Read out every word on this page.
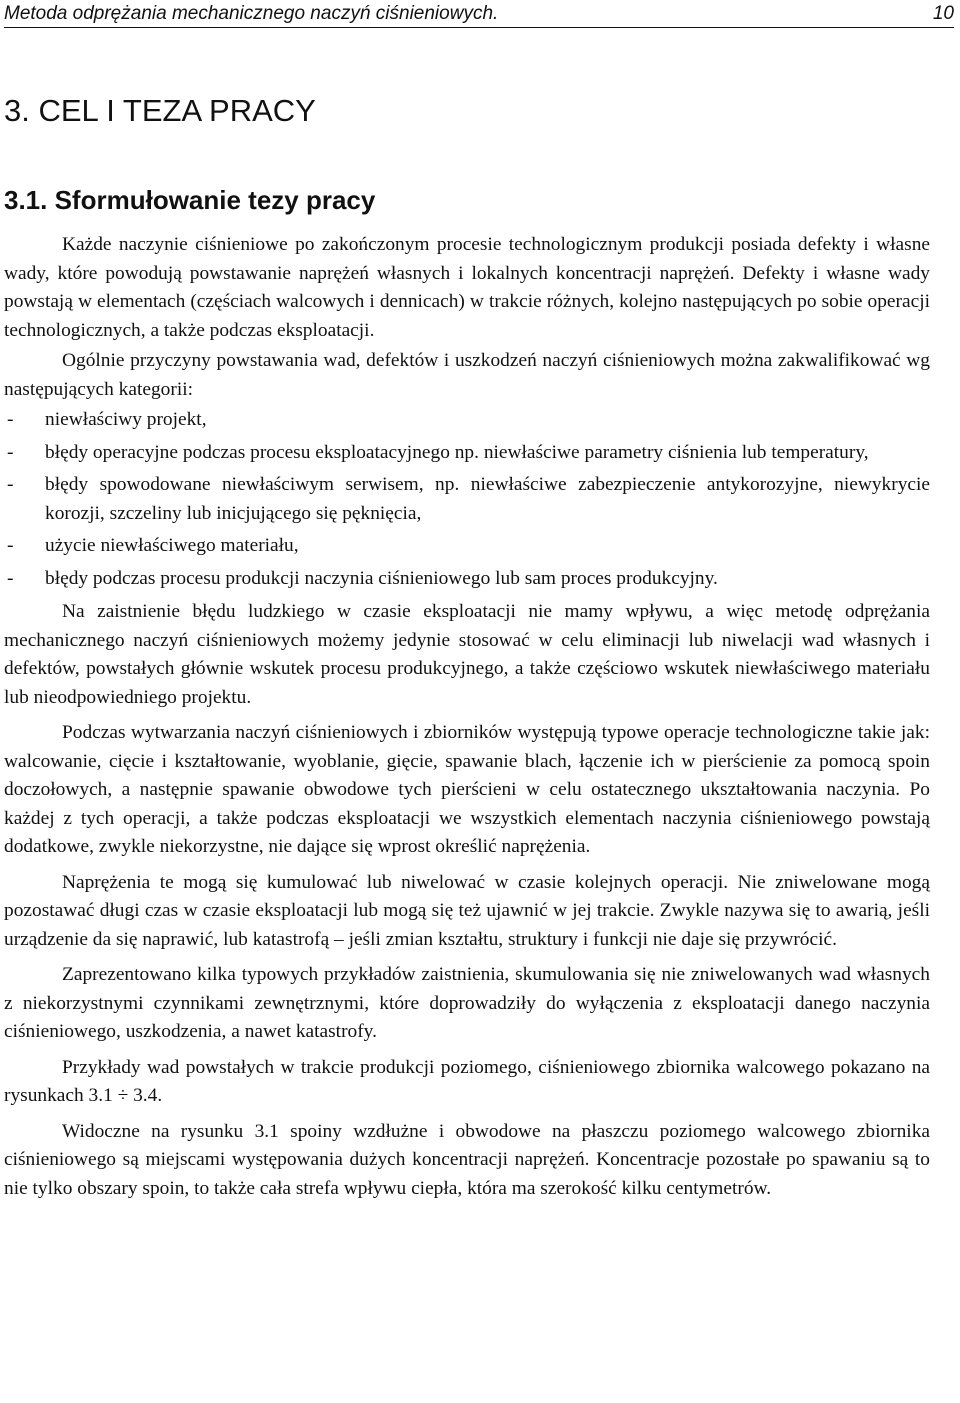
Metoda odprężania mechanicznego naczyń ciśnieniowych.	10
3. CEL I TEZA PRACY
3.1. Sformułowanie tezy pracy

Każde naczynie ciśnieniowe po zakończonym procesie technologicznym produkcji posiada defekty i własne wady, które powodują powstawanie naprężeń własnych i lokalnych koncentracji naprężeń. Defekty i własne wady powstają w elementach (częściach walcowych i dennicach) w trakcie różnych, kolejno następujących po sobie operacji technologicznych, a także podczas eksploatacji.

Ogólnie przyczyny powstawania wad, defektów i uszkodzeń naczyń ciśnieniowych można zakwalifikować wg następujących kategorii:

- niewłaściwy projekt,
- błędy operacyjne podczas procesu eksploatacyjnego np. niewłaściwe parametry ciśnienia lub temperatury,
- błędy spowodowane niewłaściwym serwisem, np. niewłaściwe zabezpieczenie antykorozyjne, niewykrycie korozji, szczeliny lub inicjującego się pęknięcia,
- użycie niewłaściwego materiału,
- błędy podczas procesu produkcji naczynia ciśnieniowego lub sam proces produkcyjny.

Na zaistnienie błędu ludzkiego w czasie eksploatacji nie mamy wpływu, a więc metodę odprężania mechanicznego naczyń ciśnieniowych możemy jedynie stosować w celu eliminacji lub niwelacji wad własnych i defektów, powstałych głównie wskutek procesu produkcyjnego, a także częściowo wskutek niewłaściwego materiału lub nieodpowiedniego projektu.

Podczas wytwarzania naczyń ciśnieniowych i zbiorników występują typowe operacje technologiczne takie jak: walcowanie, cięcie i kształtowanie, wyoblanie, gięcie, spawanie blach, łączenie ich w pierścienie za pomocą spoin doczołowych, a następnie spawanie obwodowe tych pierścieni w celu ostatecznego ukształtowania naczynia. Po każdej z tych operacji, a także podczas eksploatacji we wszystkich elementach naczynia ciśnieniowego powstają dodatkowe, zwykle niekorzystne, nie dające się wprost określić naprężenia.

Naprężenia te mogą się kumulować lub niwelować w czasie kolejnych operacji. Nie zniwelowane mogą pozostawać długi czas w czasie eksploatacji lub mogą się też ujawnić w jej trakcie. Zwykle nazywa się to awarią, jeśli urządzenie da się naprawić, lub katastrofą – jeśli zmian kształtu, struktury i funkcji nie daje się przywrócić.

Zaprezentowano kilka typowych przykładów zaistnienia, skumulowania się nie zniwelowanych wad własnych z niekorzystnymi czynnikami zewnętrznymi, które doprowadziły do wyłączenia z eksploatacji danego naczynia ciśnieniowego, uszkodzenia, a nawet katastrofy.

Przykłady wad powstałych w trakcie produkcji poziomego, ciśnieniowego zbiornika walcowego pokazano na rysunkach 3.1 ÷ 3.4.

Widoczne na rysunku 3.1 spoiny wzdłużne i obwodowe na płaszczu poziomego walcowego zbiornika ciśnieniowego są miejscami występowania dużych koncentracji naprężeń. Koncentracje pozostałe po spawaniu są to nie tylko obszary spoin, to także cała strefa wpływu ciepła, która ma szerokość kilku centymetrów.
